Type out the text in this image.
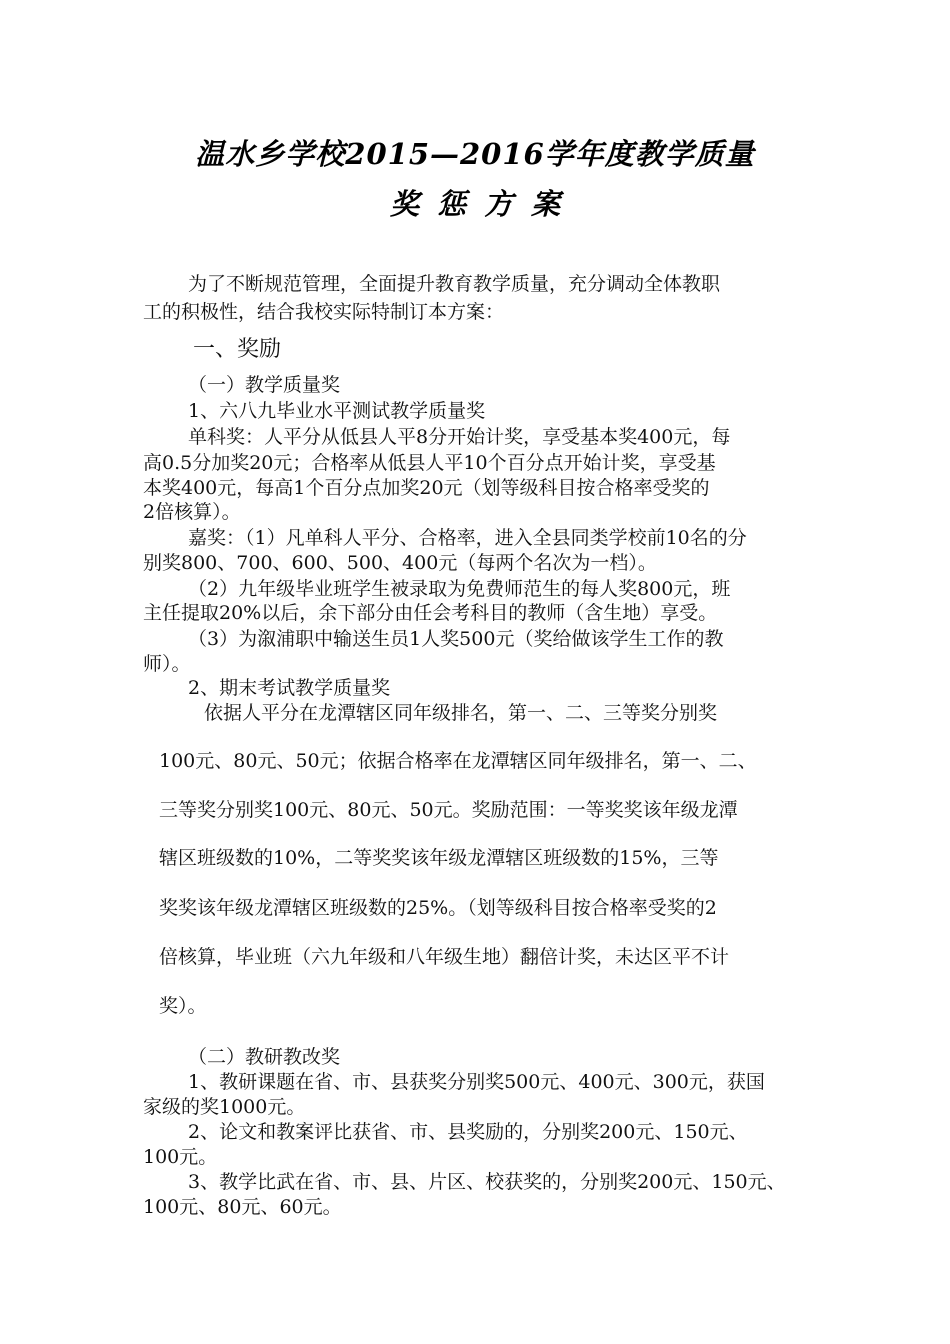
温水乡学校2015—2016学年度教学质量
奖惩方案
为了不断规范管理，全面提升教育教学质量，充分调动全体教职
工的积极性，结合我校实际特制订本方案：
一、奖励
（一）教学质量奖
1、六八九毕业水平测试教学质量奖
单科奖：人平分从低县人平8分开始计奖，享受基本奖400元，每
高0.5分加奖20元；合格率从低县人平10个百分点开始计奖，享受基
本奖400元，每高1个百分点加奖20元（划等级科目按合格率受奖的
2倍核算）。
嘉奖：（1）凡单科人平分、合格率，进入全县同类学校前10名的分
别奖800、700、600、500、400元（每两个名次为一档）。
（2）九年级毕业班学生被录取为免费师范生的每人奖800元，班
主任提取20%以后，余下部分由任会考科目的教师（含生地）享受。
（3）为溆浦职中输送生员1人奖500元（奖给做该学生工作的教
师）。
2、期末考试教学质量奖
依据人平分在龙潭辖区同年级排名，第一、二、三等奖分别奖
100元、80元、50元；依据合格率在龙潭辖区同年级排名，第一、二、
三等奖分别奖100元、80元、50元。奖励范围：一等奖奖该年级龙潭
辖区班级数的10%，二等奖奖该年级龙潭辖区班级数的15%，三等
奖奖该年级龙潭辖区班级数的25%。（划等级科目按合格率受奖的2
倍核算，毕业班（六九年级和八年级生地）翻倍计奖，未达区平不计
奖）。
（二）教研教改奖
1、教研课题在省、市、县获奖分别奖500元、400元、300元，获国
家级的奖1000元。
2、论文和教案评比获省、市、县奖励的，分别奖200元、150元、
100元。
3、教学比武在省、市、县、片区、校获奖的，分别奖200元、150元、
100元、80元、60元。
